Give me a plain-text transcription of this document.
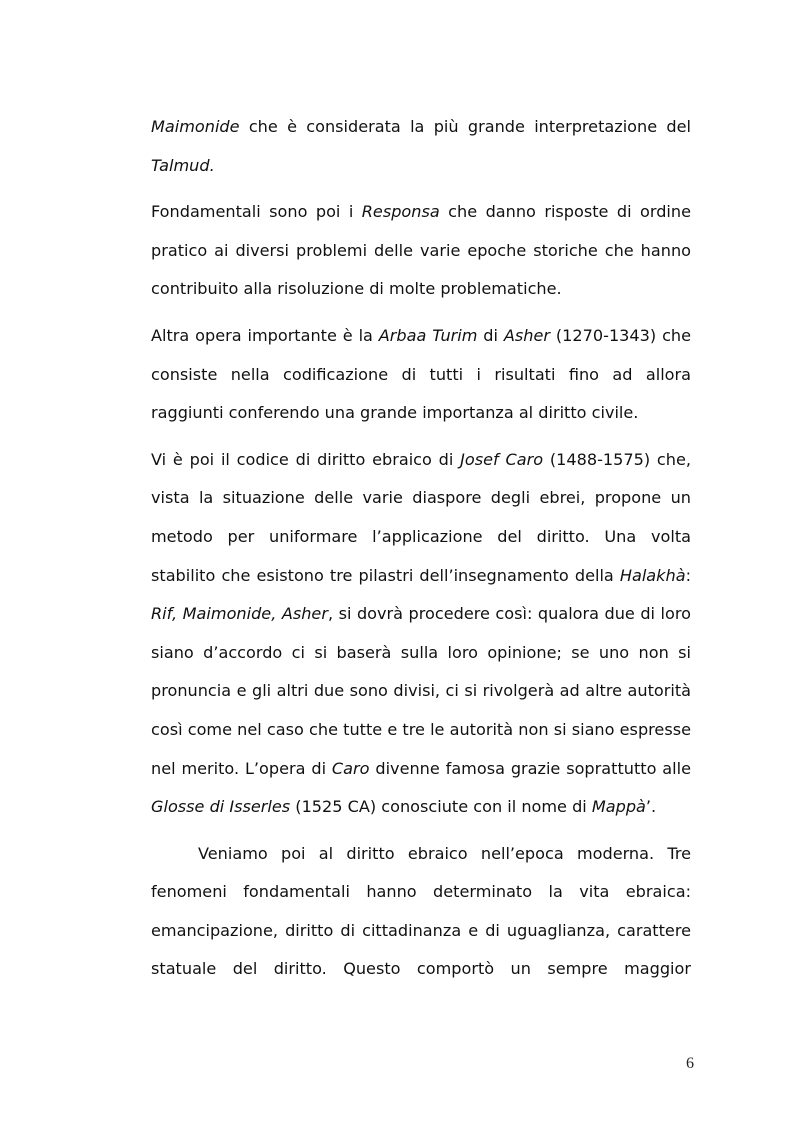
Maimonide che è considerata la più grande interpretazione del Talmud.

Fondamentali sono poi i Responsa che danno risposte di ordine pratico ai diversi problemi delle varie epoche storiche che hanno contribuito alla risoluzione di molte problematiche.

Altra opera importante è la Arbaa Turim di Asher (1270-1343) che consiste nella codificazione di tutti i risultati fino ad allora raggiunti conferendo una grande importanza al diritto civile.

Vi è poi il codice di diritto ebraico di Josef Caro (1488-1575) che, vista la situazione delle varie diaspore degli ebrei, propone un metodo per uniformare l’applicazione del diritto. Una volta stabilito che esistono tre pilastri dell’insegnamento della Halakhà: Rif, Maimonide, Asher, si dovrà procedere così: qualora due di loro siano d’accordo ci si baserà sulla loro opinione; se uno non si pronuncia e gli altri due sono divisi, ci si rivolgerà ad altre autorità così come nel caso che tutte e tre le autorità non si siano espresse nel merito. L’opera di Caro divenne famosa grazie soprattutto alle Glosse di Isserles (1525 CA) conosciute con il nome di Mappà’.

Veniamo poi al diritto ebraico nell’epoca moderna. Tre fenomeni fondamentali hanno determinato la vita ebraica: emancipazione, diritto di cittadinanza e di uguaglianza, carattere statuale del diritto. Questo comportò un sempre maggior

6
